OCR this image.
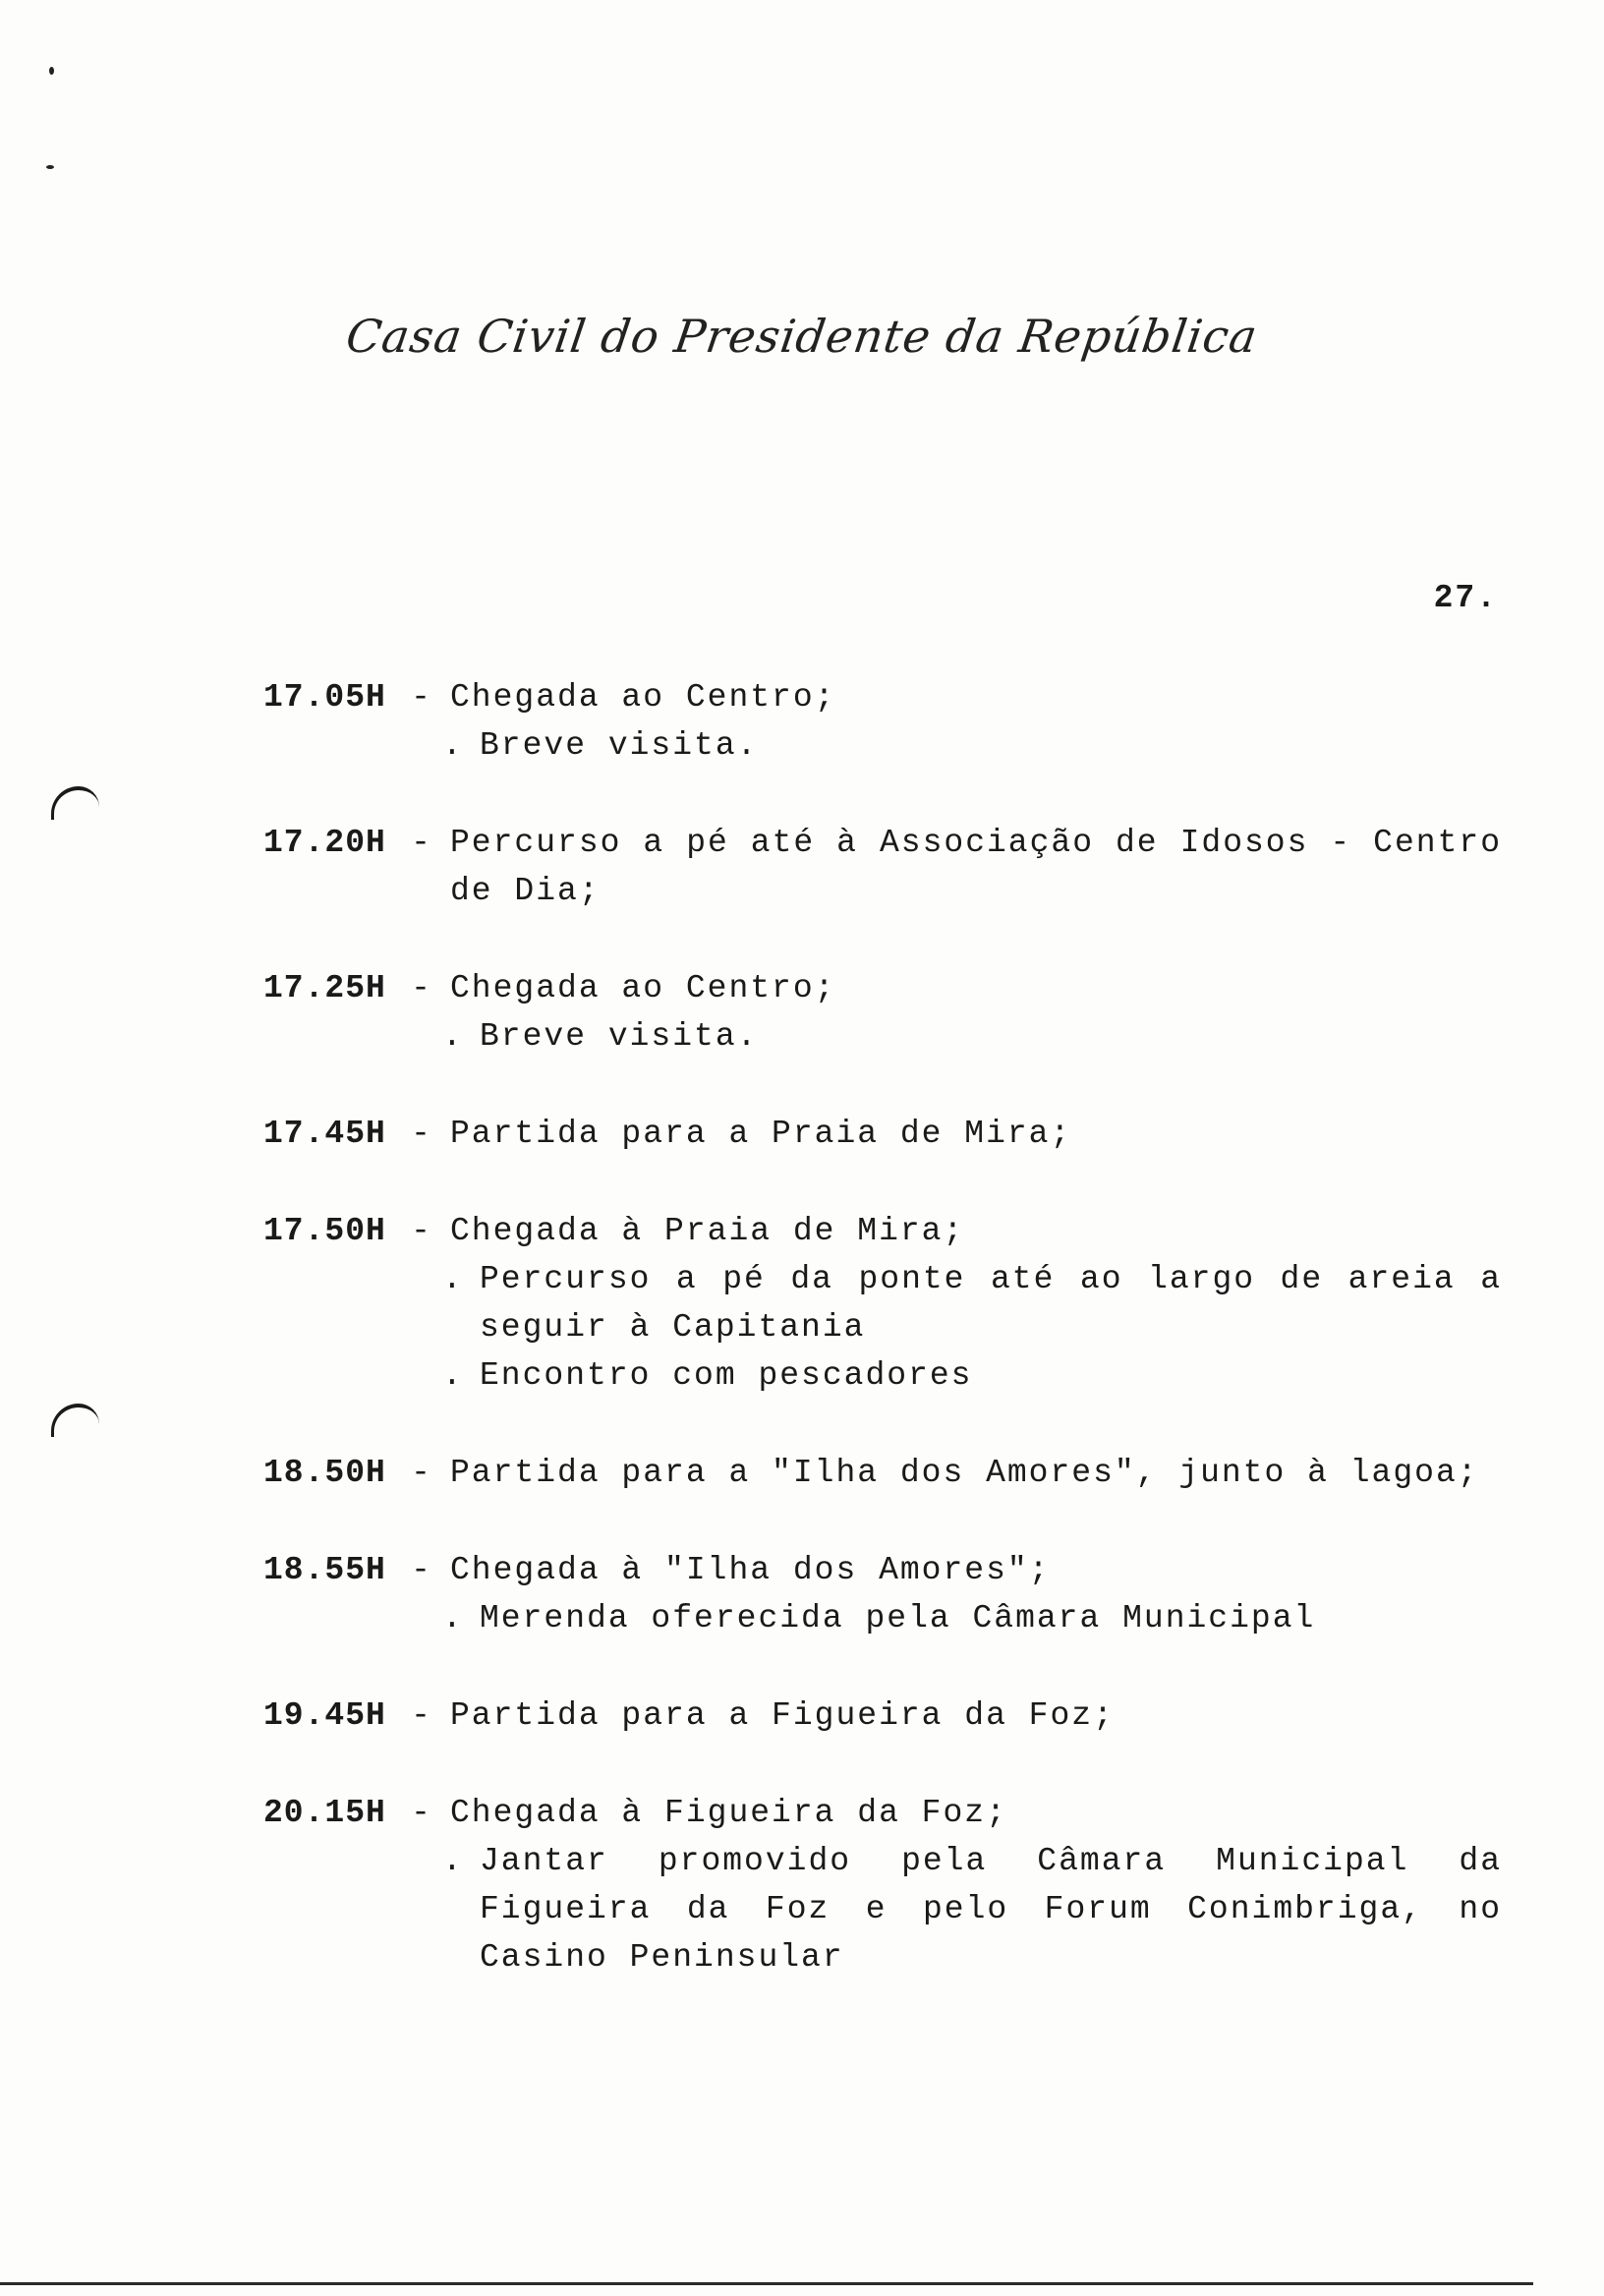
Casa Civil do Presidente da República
27.
17.05H - Chegada ao Centro;
. Breve visita.
17.20H - Percurso a pé até à Associação de Idosos - Centro de Dia;
17.25H - Chegada ao Centro;
. Breve visita.
17.45H - Partida para a Praia de Mira;
17.50H - Chegada à Praia de Mira;
. Percurso a pé da ponte até ao largo de areia a seguir à Capitania
. Encontro com pescadores
18.50H - Partida para a "Ilha dos Amores", junto à lagoa;
18.55H - Chegada à "Ilha dos Amores";
. Merenda oferecida pela Câmara Municipal
19.45H - Partida para a Figueira da Foz;
20.15H - Chegada à Figueira da Foz;
. Jantar promovido pela Câmara Municipal da Figueira da Foz e pelo Forum Conimbriga, no Casino Peninsular
